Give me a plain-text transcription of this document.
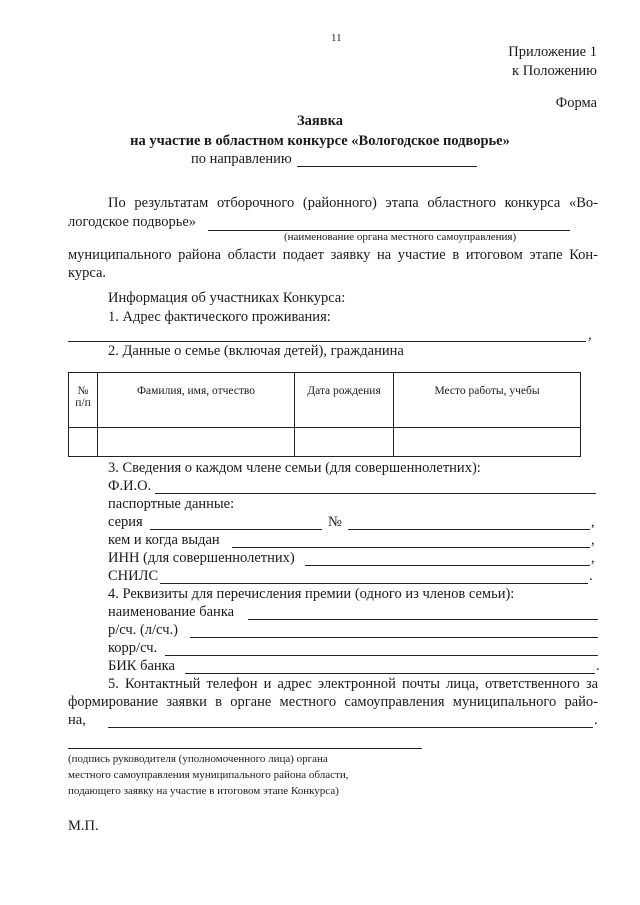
11
Приложение 1
к Положению
Форма
Заявка
на участие в областном конкурсе «Вологодское подворье»
по направлению
По результатам отборочного (районного) этапа областного конкурса «Во-
логодское подворье»
(наименование органа местного самоуправления)
муниципального района области подает заявку на участие в итоговом этапе Кон-
курса.
Информация об участниках Конкурса:
1. Адрес фактического проживания:
,
2. Данные о семье (включая детей), гражданина
№ п/п	Фамилия, имя, отчество	Дата рождения	Место работы, учебы

3. Сведения о каждом члене семьи (для совершеннолетних):
Ф.И.О.
паспортные данные:
серия	№	,
кем и когда выдан	,
ИНН (для совершеннолетних)	,
СНИЛС	.
4. Реквизиты для перечисления премии (одного из членов семьи):
наименование банка
р/сч. (л/сч.)
корр/сч.
БИК банка	.
5. Контактный телефон и адрес электронной почты лица, ответственного за
формирование заявки в органе местного самоуправления муниципального райо-
на,	.
(подпись руководителя (уполномоченного лица) органа
местного самоуправления муниципального района области,
подающего заявку на участие в итоговом этапе Конкурса)
М.П.
